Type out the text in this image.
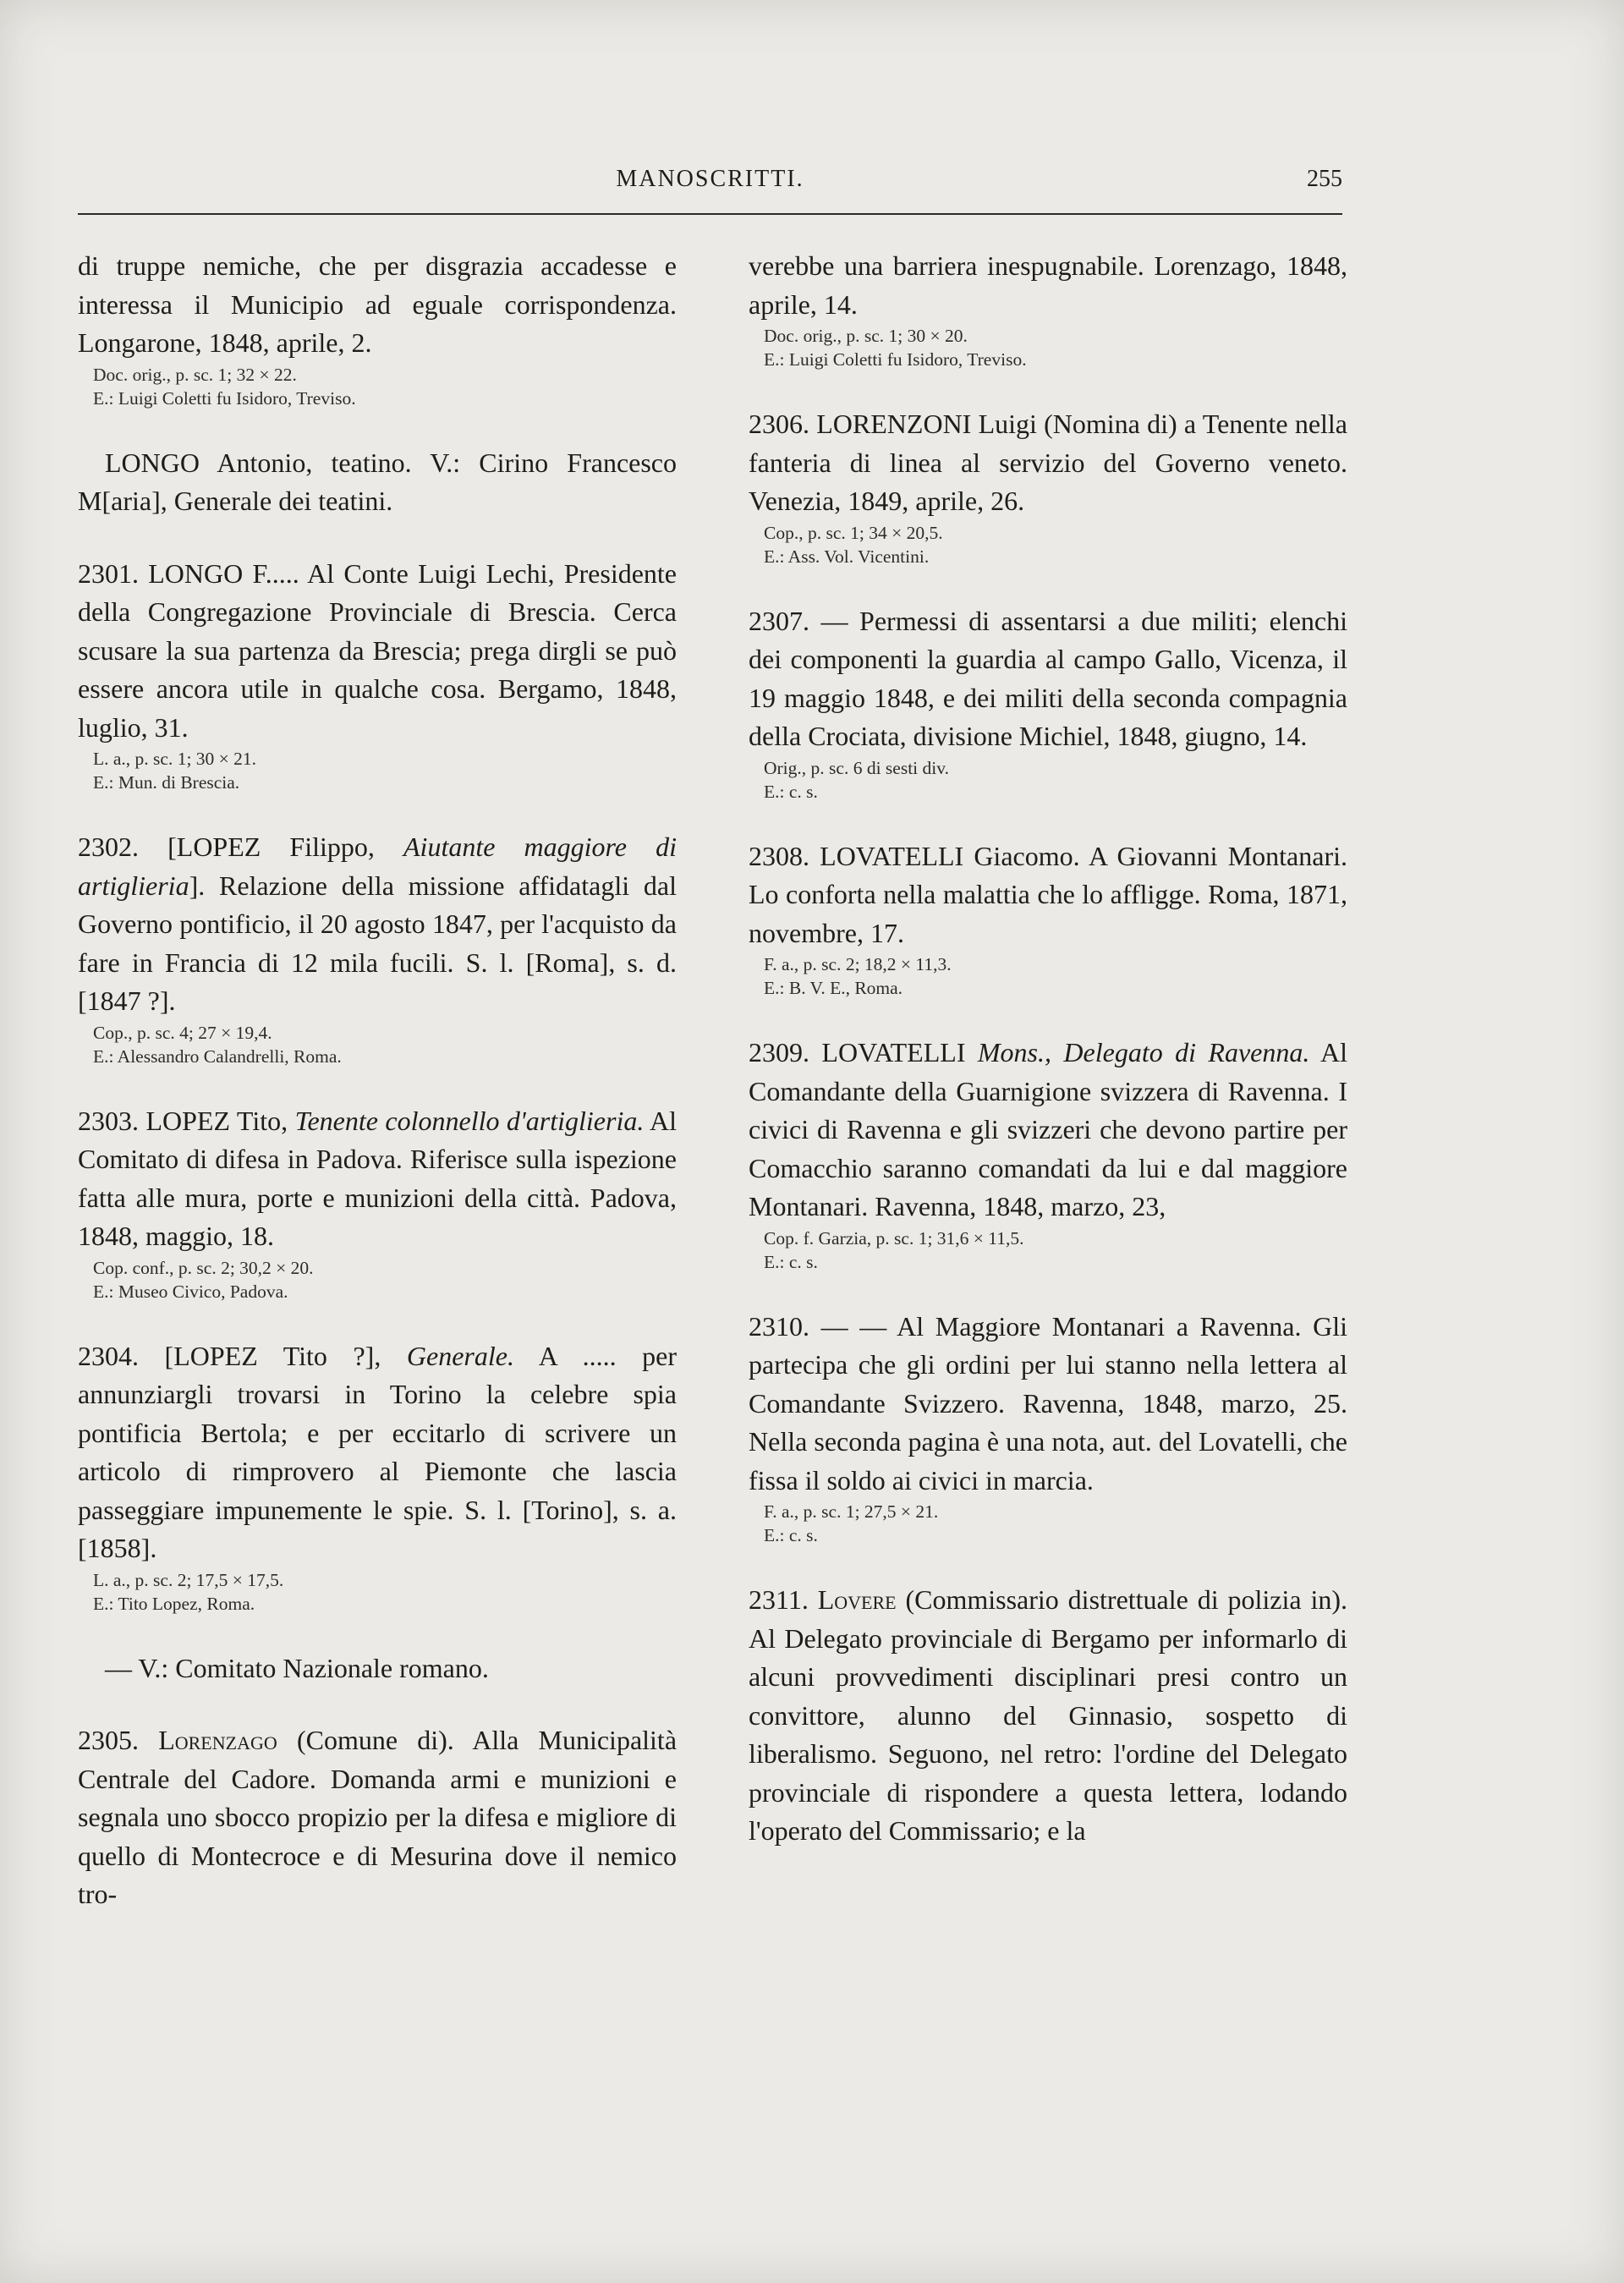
MANOSCRITTI.	255

di truppe nemiche, che per disgrazia accadesse e interessa il Municipio ad eguale corrispondenza. Longarone, 1848, aprile, 2.

Doc. orig., p. sc. 1; 32 × 22.

E.: Luigi Coletti fu Isidoro, Treviso.

LONGO Antonio, teatino. V.: Cirino Francesco M[aria], Generale dei teatini.

2301. LONGO F..... Al Conte Luigi Lechi, Presidente della Congregazione Provinciale di Brescia. Cerca scusare la sua partenza da Brescia; prega dirgli se può essere ancora utile in qualche cosa. Bergamo, 1848, luglio, 31.

L. a., p. sc. 1; 30 × 21.

E.: Mun. di Brescia.

2302. [LOPEZ Filippo, Aiutante maggiore di artiglieria]. Relazione della missione affidatagli dal Governo pontificio, il 20 agosto 1847, per l'acquisto da fare in Francia di 12 mila fucili. S. l. [Roma], s. d. [1847 ?].

Cop., p. sc. 4; 27 × 19,4.

E.: Alessandro Calandrelli, Roma.

2303. LOPEZ Tito, Tenente colonnello d'artiglieria. Al Comitato di difesa in Padova. Riferisce sulla ispezione fatta alle mura, porte e munizioni della città. Padova, 1848, maggio, 18.

Cop. conf., p. sc. 2; 30,2 × 20.

E.: Museo Civico, Padova.

2304. [LOPEZ Tito ?], Generale. A ..... per annunziargli trovarsi in Torino la celebre spia pontificia Bertola; e per eccitarlo di scrivere un articolo di rimprovero al Piemonte che lascia passeggiare impunemente le spie. S. l. [Torino], s. a. [1858].

L. a., p. sc. 2; 17,5 × 17,5.

E.: Tito Lopez, Roma.

— V.: Comitato Nazionale romano.

2305. Lorenzago (Comune di). Alla Municipalità Centrale del Cadore. Domanda armi e munizioni e segnala uno sbocco propizio per la difesa e migliore di quello di Montecroce e di Mesurina dove il nemico tro-

verebbe una barriera inespugnabile. Lorenzago, 1848, aprile, 14.

Doc. orig., p. sc. 1; 30 × 20.

E.: Luigi Coletti fu Isidoro, Treviso.

2306. LORENZONI Luigi (Nomina di) a Tenente nella fanteria di linea al servizio del Governo veneto. Venezia, 1849, aprile, 26.

Cop., p. sc. 1; 34 × 20,5.

E.: Ass. Vol. Vicentini.

2307. — Permessi di assentarsi a due militi; elenchi dei componenti la guardia al campo Gallo, Vicenza, il 19 maggio 1848, e dei militi della seconda compagnia della Crociata, divisione Michiel, 1848, giugno, 14.

Orig., p. sc. 6 di sesti div.

E.: c. s.

2308. LOVATELLI Giacomo. A Giovanni Montanari. Lo conforta nella malattia che lo affligge. Roma, 1871, novembre, 17.

F. a., p. sc. 2; 18,2 × 11,3.

E.: B. V. E., Roma.

2309. LOVATELLI Mons., Delegato di Ravenna. Al Comandante della Guarnigione svizzera di Ravenna. I civici di Ravenna e gli svizzeri che devono partire per Comacchio saranno comandati da lui e dal maggiore Montanari. Ravenna, 1848, marzo, 23,

Cop. f. Garzia, p. sc. 1; 31,6 × 11,5.

E.: c. s.

2310. — — Al Maggiore Montanari a Ravenna. Gli partecipa che gli ordini per lui stanno nella lettera al Comandante Svizzero. Ravenna, 1848, marzo, 25. Nella seconda pagina è una nota, aut. del Lovatelli, che fissa il soldo ai civici in marcia.

F. a., p. sc. 1; 27,5 × 21.

E.: c. s.

2311. Lovere (Commissario distrettuale di polizia in). Al Delegato provinciale di Bergamo per informarlo di alcuni provvedimenti disciplinari presi contro un convittore, alunno del Ginnasio, sospetto di liberalismo. Seguono, nel retro: l'ordine del Delegato provinciale di rispondere a questa lettera, lodando l'operato del Commissario; e la
